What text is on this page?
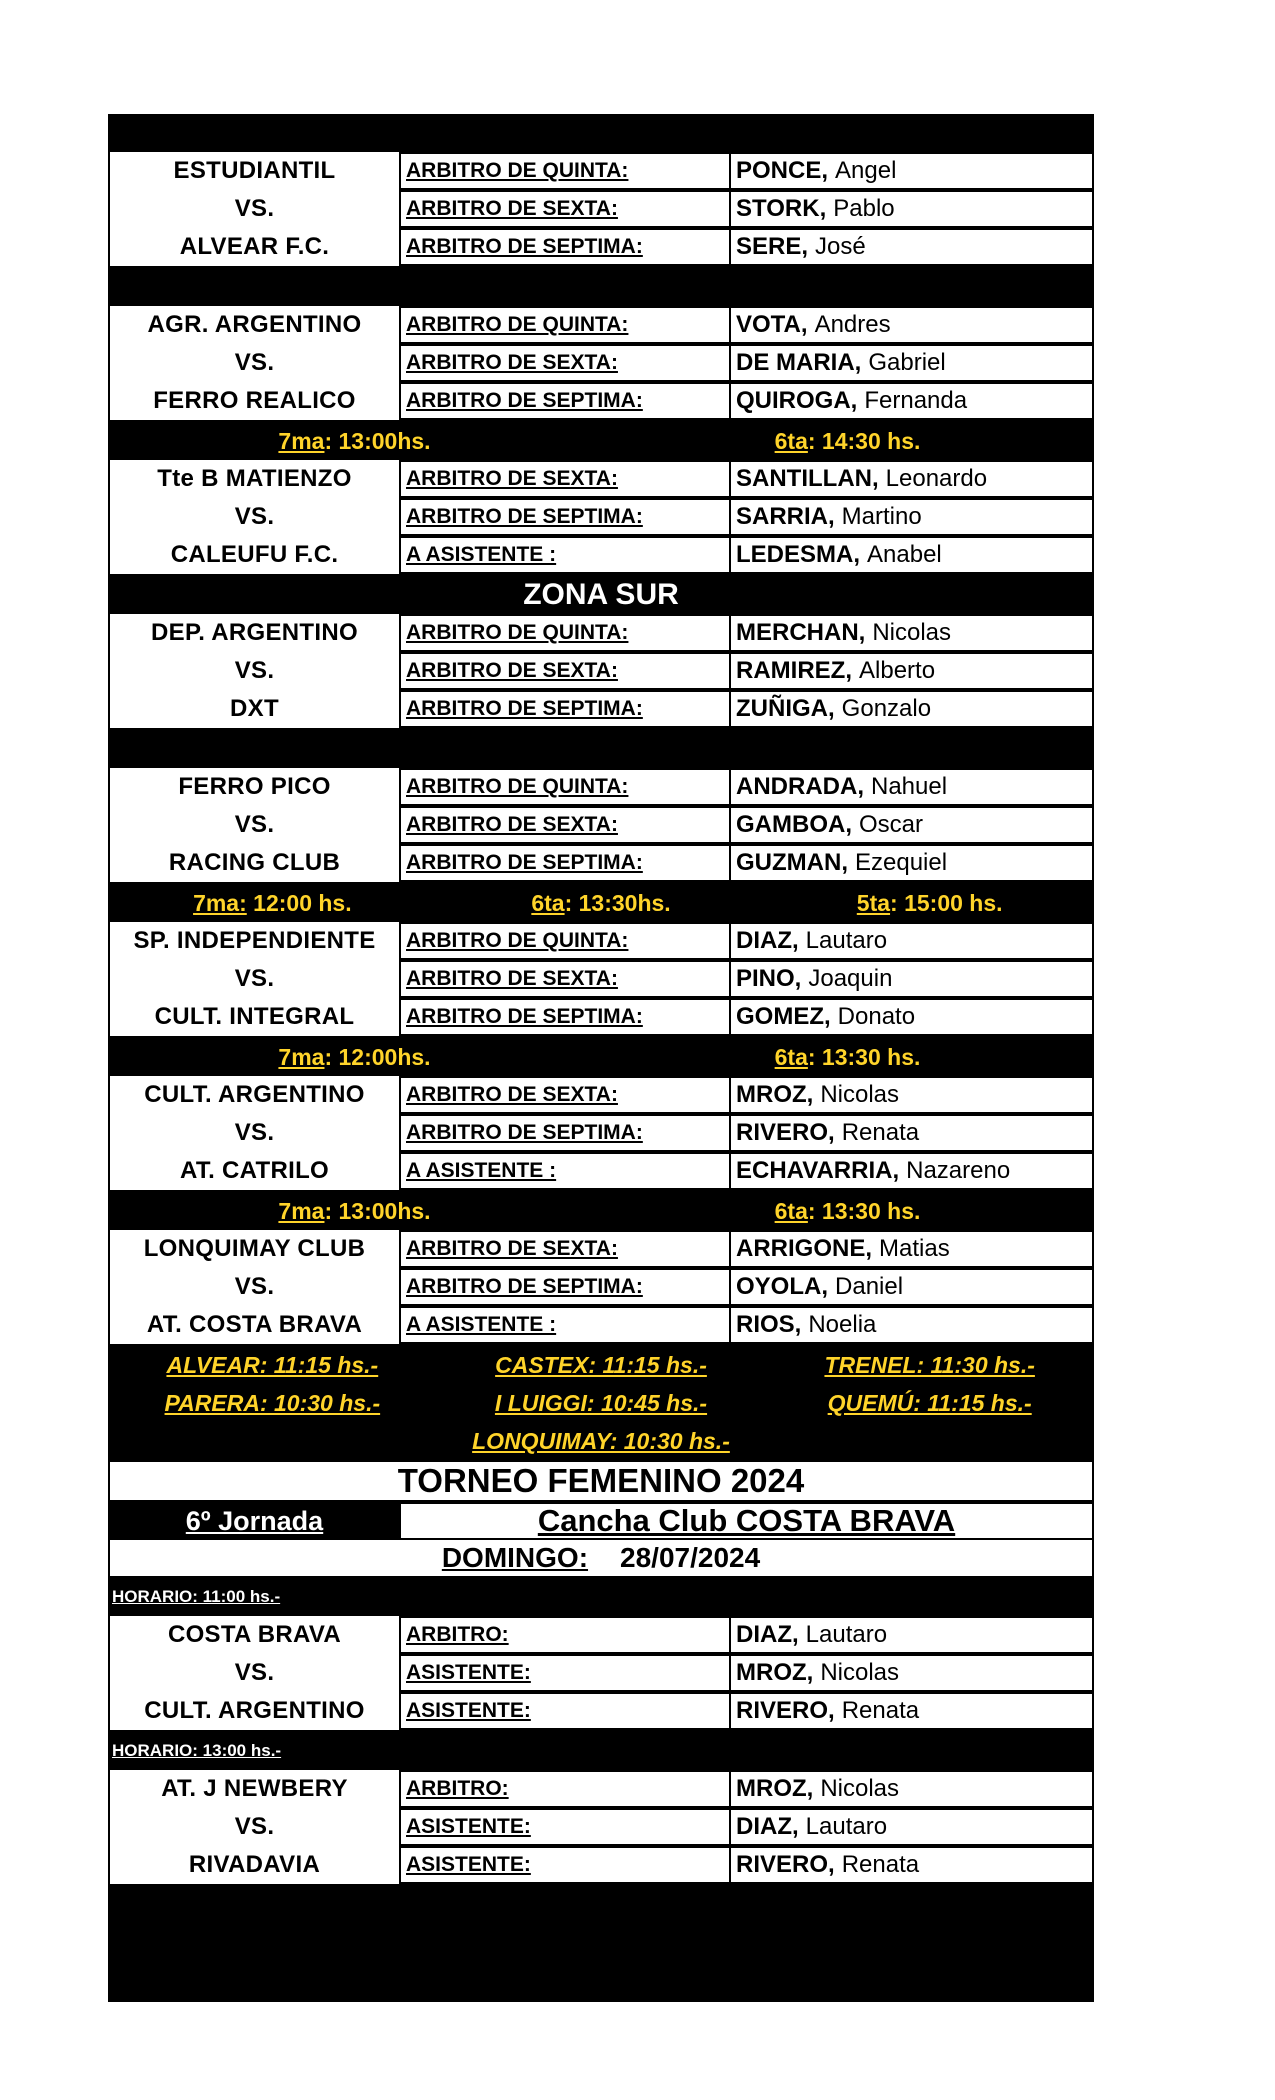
ESTUDIANTIL	ARBITRO DE QUINTA:	PONCE, Angel
VS.	ARBITRO DE SEXTA:	STORK, Pablo
ALVEAR F.C.	ARBITRO DE SEPTIMA:	SERE, José
AGR. ARGENTINO	ARBITRO DE QUINTA:	VOTA, Andres
VS.	ARBITRO DE SEXTA:	DE MARIA, Gabriel
FERRO REALICO	ARBITRO DE SEPTIMA:	QUIROGA, Fernanda
7ma: 13:00hs.	6ta: 14:30 hs.
Tte B MATIENZO	ARBITRO DE SEXTA:	SANTILLAN, Leonardo
VS.	ARBITRO DE SEPTIMA:	SARRIA, Martino
CALEUFU F.C.	A ASISTENTE :	LEDESMA, Anabel
ZONA SUR
DEP. ARGENTINO	ARBITRO DE QUINTA:	MERCHAN, Nicolas
VS.	ARBITRO DE SEXTA:	RAMIREZ, Alberto
DXT	ARBITRO DE SEPTIMA:	ZUÑIGA, Gonzalo
FERRO PICO	ARBITRO DE QUINTA:	ANDRADA, Nahuel
VS.	ARBITRO DE SEXTA:	GAMBOA, Oscar
RACING CLUB	ARBITRO DE SEPTIMA:	GUZMAN, Ezequiel
7ma: 12:00 hs.	6ta: 13:30hs.	5ta: 15:00 hs.
SP. INDEPENDIENTE	ARBITRO DE QUINTA:	DIAZ, Lautaro
VS.	ARBITRO DE SEXTA:	PINO, Joaquin
CULT. INTEGRAL	ARBITRO DE SEPTIMA:	GOMEZ, Donato
7ma: 12:00hs.	6ta: 13:30 hs.
CULT. ARGENTINO	ARBITRO DE SEXTA:	MROZ, Nicolas
VS.	ARBITRO DE SEPTIMA:	RIVERO, Renata
AT. CATRILO	A ASISTENTE :	ECHAVARRIA, Nazareno
7ma: 13:00hs.	6ta: 13:30 hs.
LONQUIMAY CLUB	ARBITRO DE SEXTA:	ARRIGONE, Matias
VS.	ARBITRO DE SEPTIMA:	OYOLA, Daniel
AT. COSTA BRAVA	A ASISTENTE :	RIOS, Noelia
ALVEAR: 11:15 hs.-	CASTEX: 11:15 hs.-	TRENEL: 11:30 hs.-
PARERA: 10:30 hs.-	I LUIGGI: 10:45 hs.-	QUEMÚ: 11:15 hs.-
LONQUIMAY: 10:30 hs.-
TORNEO FEMENINO 2024
6º Jornada	Cancha Club COSTA BRAVA
DOMINGO: 28/07/2024
HORARIO: 11:00 hs.-
COSTA BRAVA	ARBITRO:	DIAZ, Lautaro
VS.	ASISTENTE:	MROZ, Nicolas
CULT. ARGENTINO	ASISTENTE:	RIVERO, Renata
HORARIO: 13:00 hs.-
AT. J NEWBERY	ARBITRO:	MROZ, Nicolas
VS.	ASISTENTE:	DIAZ, Lautaro
RIVADAVIA	ASISTENTE:	RIVERO, Renata
